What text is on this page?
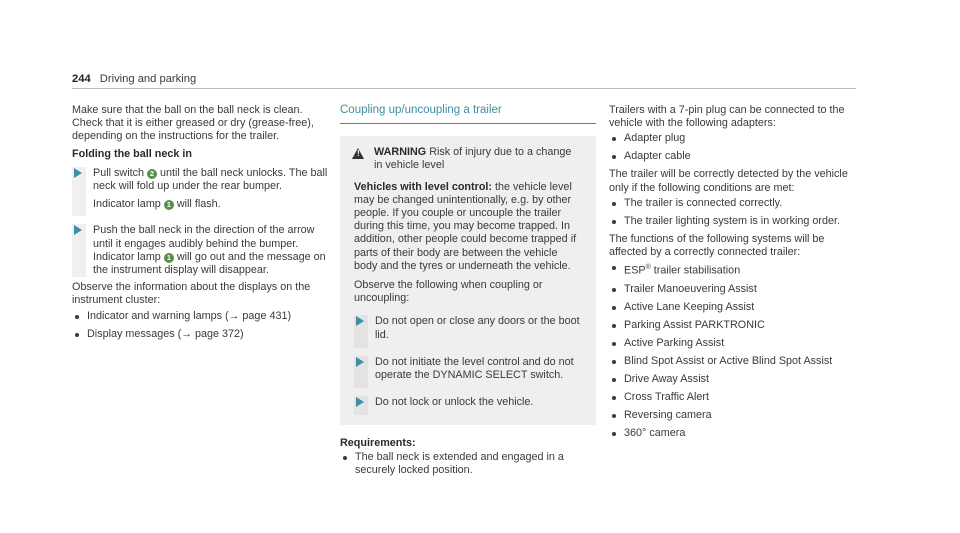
244 Driving and parking

Make sure that the ball on the ball neck is clean. Check that it is either greased or dry (grease-free), depending on the instructions for the trailer.

Folding the ball neck in

Pull switch 2 until the ball neck unlocks. The ball neck will fold up under the rear bumper.

Indicator lamp 1 will flash.

Push the ball neck in the direction of the arrow until it engages audibly behind the bumper. Indicator lamp 1 will go out and the message on the instrument display will disappear.

Observe the information about the displays on the instrument cluster:

Indicator and warning lamps (→ page 431)
Display messages (→ page 372)
Coupling up/uncoupling a trailer
! WARNING Risk of injury due to a change in vehicle level

Vehicles with level control: the vehicle level may be changed unintentionally, e.g. by other people. If you couple or uncouple the trailer during this time, you may become trapped. In addition, other people could become trapped if parts of their body are between the vehicle body and the tyres or underneath the vehicle.

Observe the following when coupling or uncoupling:

Do not open or close any doors or the boot lid.

Do not initiate the level control and do not operate the DYNAMIC SELECT switch.

Do not lock or unlock the vehicle.

Requirements:

The ball neck is extended and engaged in a securely locked position.

Trailers with a 7-pin plug can be connected to the vehicle with the following adapters:

Adapter plug
Adapter cable

The trailer will be correctly detected by the vehicle only if the following conditions are met:

The trailer is connected correctly.
The trailer lighting system is in working order.

The functions of the following systems will be affected by a correctly connected trailer:

ESP® trailer stabilisation
Trailer Manoeuvering Assist
Active Lane Keeping Assist
Parking Assist PARKTRONIC
Active Parking Assist
Blind Spot Assist or Active Blind Spot Assist
Drive Away Assist
Cross Traffic Alert
Reversing camera
360° camera
